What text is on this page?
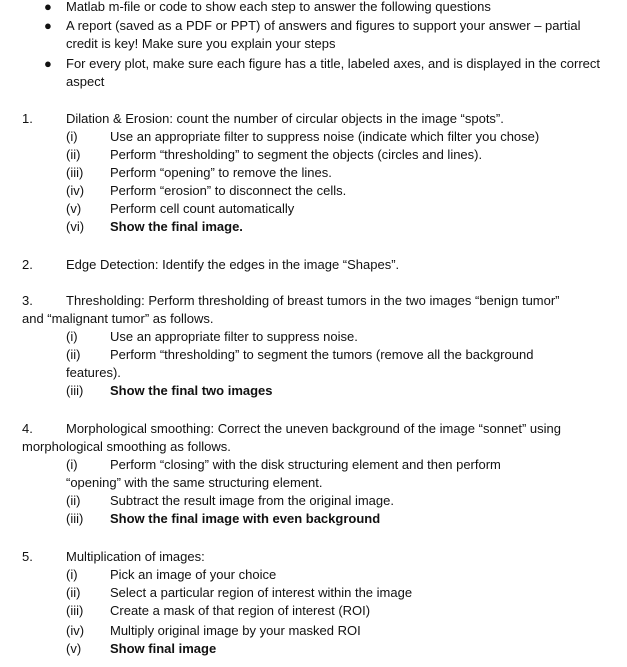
●	Matlab m-file or code to show each step to answer the following questions
●	A report (saved as a PDF or PPT) of answers and figures to support your answer – partial credit is key! Make sure you explain your steps
●	For every plot, make sure each figure has a title, labeled axes, and is displayed in the correct aspect
1.	Dilation & Erosion: count the number of circular objects in the image “spots”.
(i)	Use an appropriate filter to suppress noise (indicate which filter you chose)
(ii)	Perform “thresholding” to segment the objects (circles and lines).
(iii)	Perform “opening” to remove the lines.
(iv)	Perform “erosion” to disconnect the cells.
(v)	Perform cell count automatically
(vi)	Show the final image.
2.	Edge Detection: Identify the edges in the image “Shapes”.
3.	Thresholding: Perform thresholding of breast tumors in the two images “benign tumor”
and “malignant tumor” as follows.
(i)	Use an appropriate filter to suppress noise.
(ii)	Perform “thresholding” to segment the tumors (remove all the background
features).
(iii)	Show the final two images
4.	Morphological smoothing: Correct the uneven background of the image “sonnet” using
morphological smoothing as follows.
(i)	Perform “closing” with the disk structuring element and then perform
“opening” with the same structuring element.
(ii)	Subtract the result image from the original image.
(iii)	Show the final image with even background
5.	Multiplication of images:
(i)	Pick an image of your choice
(ii)	Select a particular region of interest within the image
(iii)	Create a mask of that region of interest (ROI)
(iv)	Multiply original image by your masked ROI
(v)	Show final image
